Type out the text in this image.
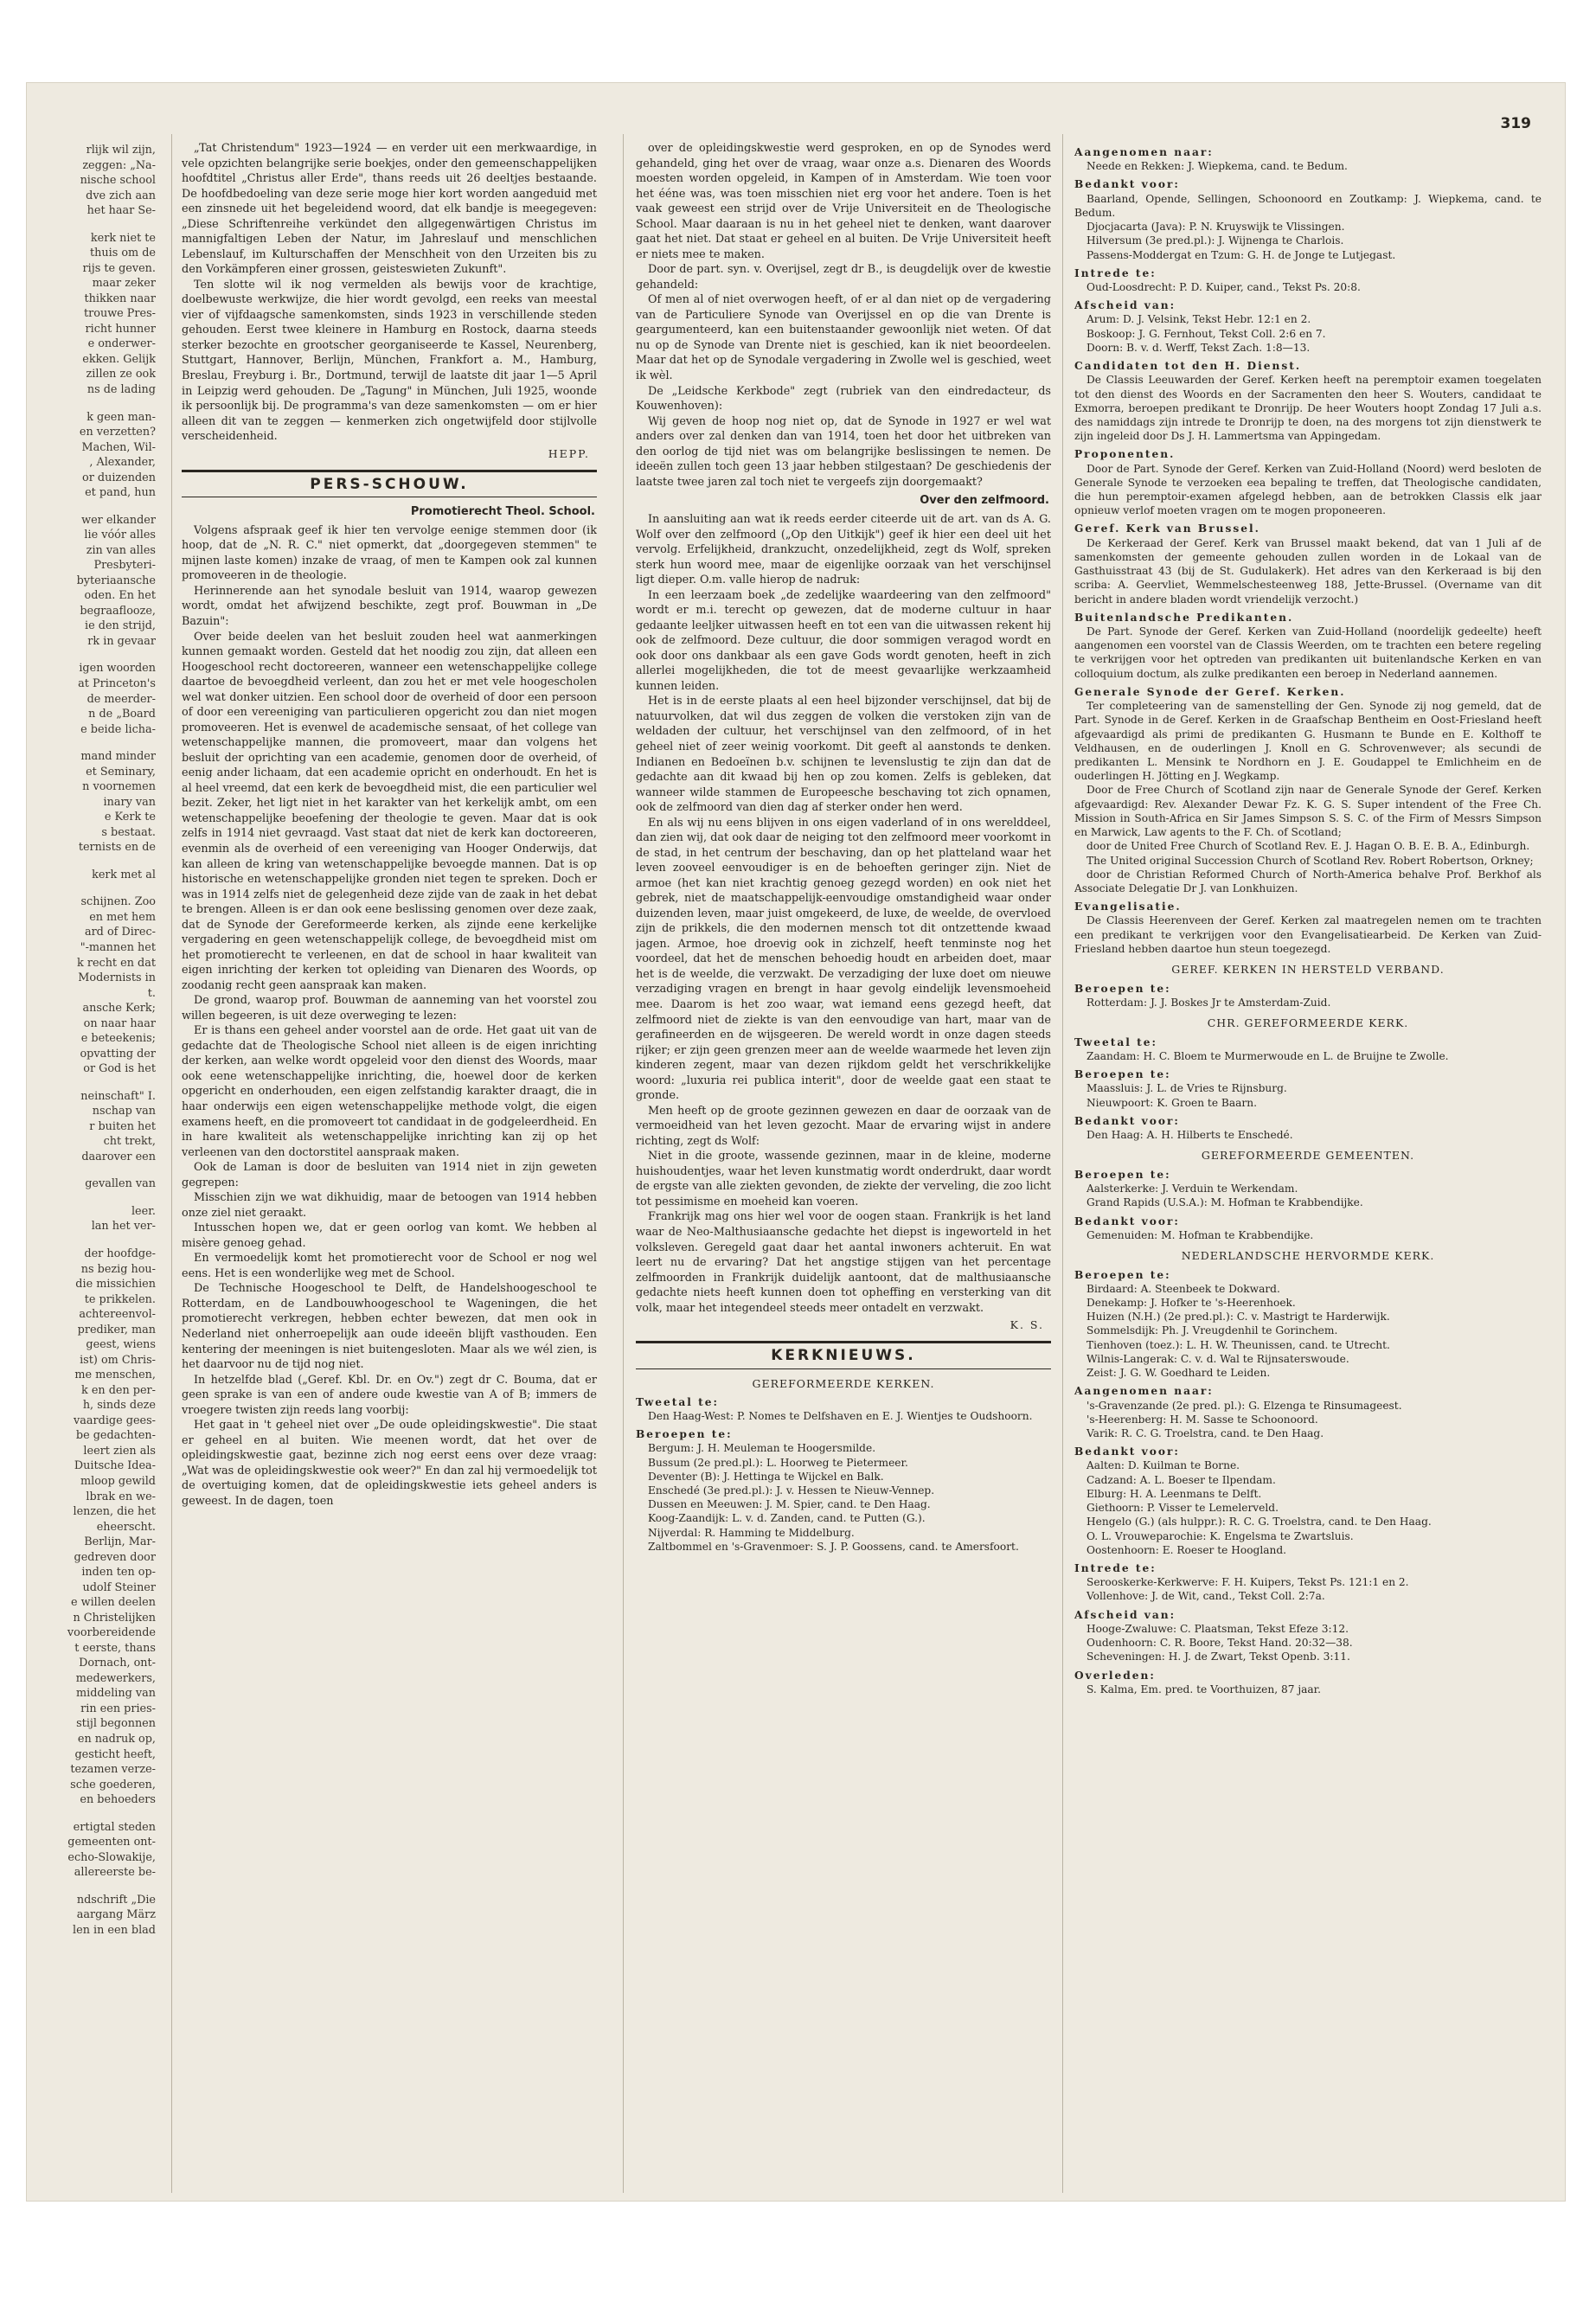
319
rlijk wil zijn,
zeggen: „Na-
nische school
dve zich aan
het haar Se-
kerk niet te
thuis om de
rijs te geven.
maar zeker
thikken naar
trouwe Pres-
richt hunner
e onderwer-
ekken. Gelijk
zillen ze ook
ns de lading
k geen man-
en verzetten?
Machen, Wil-
, Alexander,
or duizenden
et pand, hun
wer elkander
lie vóór alles
zin van alles
Presbyteri-
byteriaansche
oden. En het
begraaflooze,
ie den strijd,
rk in gevaar
igen woorden
at Princeton's
de meerder-
n de „Board
e beide licha-
mand minder
et Seminary,
n voornemen
inary van
e Kerk te
s bestaat.
ternists en de
kerk met al
schijnen. Zoo
en met hem
ard of Direc-
"-mannen het
k recht en dat
Modernists in
t.
ansche Kerk;
on naar haar
e beteekenis;
opvatting der
or God is het
neinschaft" I.
nschap van
r buiten het
cht trekt,
daarover een
gevallen van
leer.
lan het ver-
der hoofdge-
ns bezig hou-
die missichien
te prikkelen.
achtereenvol-
prediker, man
geest, wiens
ist) om Chris-
me menschen,
k en den per-
h, sinds deze
vaardige gees-
be gedachten-
leert zien als
Duitsche Idea-
mloop gewild
lbrak en we-
lenzen, die het
eheerscht.
Berlijn, Mar-
gedreven door
inden ten op-
udolf Steiner
e willen deelen
n Christelijken
voorbereidende
t eerste, thans
Dornach, ont-
medewerkers,
middeling van
rin een pries-
stijl begonnen
en nadruk op,
gesticht heeft,
tezamen verze-
sche goederen,
en behoeders
ertigtal steden
gemeenten ont-
echo-Slowakije,
allereerste be-
ndschrift „Die
aargang März
len in een blad

„Tat Christendum" 1923—1924 — en verder uit een merkwaardige, in vele opzichten belangrijke serie boekjes, onder den gemeenschappelijken hoofdtitel „Christus aller Erde", thans reeds uit 26 deeltjes bestaande. De hoofdbedoeling van deze serie moge hier kort worden aangeduid met een zinsnede uit het begeleidend woord, dat elk bandje is meegegeven: „Diese Schriftenreihe verkündet den allgegenwärtigen Christus im mannigfaltigen Leben der Natur, im Jahreslauf und menschlichen Lebenslauf, im Kulturschaffen der Menschheit von den Urzeiten bis zu den Vorkämpferen einer grossen, geisteswieten Zukunft".

Ten slotte wil ik nog vermelden als bewijs voor de krachtige, doelbewuste werkwijze, die hier wordt gevolgd, een reeks van meestal vier of vijfdaagsche samenkomsten, sinds 1923 in verschillende steden gehouden. Eerst twee kleinere in Hamburg en Rostock, daarna steeds sterker bezochte en grootscher georganiseerde te Kassel, Neurenberg, Stuttgart, Hannover, Berlijn, München, Frankfort a. M., Hamburg, Breslau, Freyburg i. Br., Dortmund, terwijl de laatste dit jaar 1—5 April in Leipzig werd gehouden. De „Tagung" in München, Juli 1925, woonde ik persoonlijk bij. De programma's van deze samenkomsten — om er hier alleen dit van te zeggen — kenmerken zich ongetwijfeld door stijlvolle verscheidenheid.

HEPP.
PERS-SCHOUW.
Promotierecht Theol. School.

Volgens afspraak geef ik hier ten vervolge eenige stemmen door (ik hoop, dat de „N. R. C." niet opmerkt, dat „doorgegeven stemmen" te mijnen laste komen) inzake de vraag, of men te Kampen ook zal kunnen promoveeren in de theologie.

Herinnerende aan het synodale besluit van 1914, waarop gewezen wordt, omdat het afwijzend beschikte, zegt prof. Bouwman in „De Bazuin":

Over beide deelen van het besluit zouden heel wat aanmerkingen kunnen gemaakt worden. Gesteld dat het noodig zou zijn, dat alleen een Hoogeschool recht doctoreeren, wanneer een wetenschappelijke college daartoe de bevoegdheid verleent, dan zou het er met vele hoogescholen wel wat donker uitzien. Een school door de overheid of door een persoon of door een vereeniging van particulieren opgericht zou dan niet mogen promoveeren. Het is evenwel de academische sensaat, of het college van wetenschappelijke mannen, die promoveert, maar dan volgens het besluit der oprichting van een academie, genomen door de overheid, of eenig ander lichaam, dat een academie opricht en onderhoudt. En het is al heel vreemd, dat een kerk de bevoegdheid mist, die een particulier wel bezit. Zeker, het ligt niet in het karakter van het kerkelijk ambt, om een wetenschappelijke beoefening der theologie te geven. Maar dat is ook zelfs in 1914 niet gevraagd. Vast staat dat niet de kerk kan doctoreeren, evenmin als de overheid of een vereeniging van Hooger Onderwijs, dat kan alleen de kring van wetenschappelijke bevoegde mannen. Dat is op historische en wetenschappelijke gronden niet tegen te spreken. Doch er was in 1914 zelfs niet de gelegenheid deze zijde van de zaak in het debat te brengen. Alleen is er dan ook eene beslissing genomen over deze zaak, dat de Synode der Gereformeerde kerken, als zijnde eene kerkelijke vergadering en geen wetenschappelijk college, de bevoegdheid mist om het promotierecht te verleenen, en dat de school in haar kwaliteit van eigen inrichting der kerken tot opleiding van Dienaren des Woords, op zoodanig recht geen aanspraak kan maken.

De grond, waarop prof. Bouwman de aanneming van het voorstel zou willen begeeren, is uit deze overweging te lezen:

Er is thans een geheel ander voorstel aan de orde. Het gaat uit van de gedachte dat de Theologische School niet alleen is de eigen inrichting der kerken, aan welke wordt opgeleid voor den dienst des Woords, maar ook eene wetenschappelijke inrichting, die, hoewel door de kerken opgericht en onderhouden, een eigen zelfstandig karakter draagt, die in haar onderwijs een eigen wetenschappelijke methode volgt, die eigen examens heeft, en die promoveert tot candidaat in de godgeleerdheid. En in hare kwaliteit als wetenschappelijke inrichting kan zij op het verleenen van den doctorstitel aanspraak maken.

Ook de Laman is door de besluiten van 1914 niet in zijn geweten gegrepen:

Misschien zijn we wat dikhuidig, maar de betoogen van 1914 hebben onze ziel niet geraakt.

Intusschen hopen we, dat er geen oorlog van komt. We hebben al misère genoeg gehad.

En vermoedelijk komt het promotierecht voor de School er nog wel eens. Het is een wonderlijke weg met de School.

De Technische Hoogeschool te Delft, de Handelshoogeschool te Rotterdam, en de Landbouwhoogeschool te Wageningen, die het promotierecht verkregen, hebben echter bewezen, dat men ook in Nederland niet onherroepelijk aan oude ideeën blijft vasthouden. Een kentering der meeningen is niet buitengesloten. Maar als we wél zien, is het daarvoor nu de tijd nog niet.

In hetzelfde blad („Geref. Kbl. Dr. en Ov.") zegt dr C. Bouma, dat er geen sprake is van een of andere oude kwestie van A of B; immers de vroegere twisten zijn reeds lang voorbij:

Het gaat in 't geheel niet over „De oude opleidingskwestie". Die staat er geheel en al buiten. Wie meenen wordt, dat het over de opleidingskwestie gaat, bezinne zich nog eerst eens over deze vraag: „Wat was de opleidingskwestie ook weer?" En dan zal hij vermoedelijk tot de overtuiging komen, dat de opleidingskwestie iets geheel anders is geweest. In de dagen, toen

over de opleidingskwestie werd gesproken, en op de Synodes werd gehandeld, ging het over de vraag, waar onze a.s. Dienaren des Woords moesten worden opgeleid, in Kampen of in Amsterdam. Wie toen voor het ééne was, was toen misschien niet erg voor het andere. Toen is het vaak geweest een strijd over de Vrije Universiteit en de Theologische School. Maar daaraan is nu in het geheel niet te denken, want daarover gaat het niet. Dat staat er geheel en al buiten. De Vrije Universiteit heeft er niets mee te maken.

Door de part. syn. v. Overijsel, zegt dr B., is deugdelijk over de kwestie gehandeld:

Of men al of niet overwogen heeft, of er al dan niet op de vergadering van de Particuliere Synode van Overijssel en op die van Drente is geargumenteerd, kan een buitenstaander gewoonlijk niet weten. Of dat nu op de Synode van Drente niet is geschied, kan ik niet beoordeelen. Maar dat het op de Synodale vergadering in Zwolle wel is geschied, weet ik wèl.

De „Leidsche Kerkbode" zegt (rubriek van den eindredacteur, ds Kouwenhoven):

Wij geven de hoop nog niet op, dat de Synode in 1927 er wel wat anders over zal denken dan van 1914, toen het door het uitbreken van den oorlog de tijd niet was om belangrijke beslissingen te nemen. De ideeën zullen toch geen 13 jaar hebben stilgestaan? De geschiedenis der laatste twee jaren zal toch niet te vergeefs zijn doorgemaakt?

Over den zelfmoord.

In aansluiting aan wat ik reeds eerder citeerde uit de art. van ds A. G. Wolf over den zelfmoord („Op den Uitkijk") geef ik hier een deel uit het vervolg. Erfelijkheid, drankzucht, onzedelijkheid, zegt ds Wolf, spreken sterk hun woord mee, maar de eigenlijke oorzaak van het verschijnsel ligt dieper. O.m. valle hierop de nadruk:

In een leerzaam boek „de zedelijke waardeering van den zelfmoord" wordt er m.i. terecht op gewezen, dat de moderne cultuur in haar gedaante leeljker uitwassen heeft en tot een van die uitwassen rekent hij ook de zelfmoord. Deze cultuur, die door sommigen veragod wordt en ook door ons dankbaar als een gave Gods wordt genoten, heeft in zich allerlei mogelijkheden, die tot de meest gevaarlijke werkzaamheid kunnen leiden.

Het is in de eerste plaats al een heel bijzonder verschijnsel, dat bij de natuurvolken, dat wil dus zeggen de volken die verstoken zijn van de weldaden der cultuur, het verschijnsel van den zelfmoord, of in het geheel niet of zeer weinig voorkomt. Dit geeft al aanstonds te denken. Indianen en Bedoeïnen b.v. schijnen te levenslustig te zijn dan dat de gedachte aan dit kwaad bij hen op zou komen. Zelfs is gebleken, dat wanneer wilde stammen de Europeesche beschaving tot zich opnamen, ook de zelfmoord van dien dag af sterker onder hen werd.

En als wij nu eens blijven in ons eigen vaderland of in ons werelddeel, dan zien wij, dat ook daar de neiging tot den zelfmoord meer voorkomt in de stad, in het centrum der beschaving, dan op het platteland waar het leven zooveel eenvoudiger is en de behoeften geringer zijn. Niet de armoe (het kan niet krachtig genoeg gezegd worden) en ook niet het gebrek, niet de maatschappelijk-eenvoudige omstandigheid waar onder duizenden leven, maar juist omgekeerd, de luxe, de weelde, de overvloed zijn de prikkels, die den modernen mensch tot dit ontzettende kwaad jagen. Armoe, hoe droevig ook in zichzelf, heeft tenminste nog het voordeel, dat het de menschen behoedig houdt en arbeiden doet, maar het is de weelde, die verzwakt. De verzadiging der luxe doet om nieuwe verzadiging vragen en brengt in haar gevolg eindelijk levensmoeheid mee. Daarom is het zoo waar, wat iemand eens gezegd heeft, dat zelfmoord niet de ziekte is van den eenvoudige van hart, maar van de gerafineerden en de wijsgeeren. De wereld wordt in onze dagen steeds rijker; er zijn geen grenzen meer aan de weelde waarmede het leven zijn kinderen zegent, maar van dezen rijkdom geldt het verschrikkelijke woord: „luxuria rei publica interit", door de weelde gaat een staat te gronde.

Men heeft op de groote gezinnen gewezen en daar de oorzaak van de vermoeidheid van het leven gezocht. Maar de ervaring wijst in andere richting, zegt ds Wolf:

Niet in die groote, wassende gezinnen, maar in de kleine, moderne huishoudentjes, waar het leven kunstmatig wordt onderdrukt, daar wordt de ergste van alle ziekten gevonden, de ziekte der verveling, die zoo licht tot pessimisme en moeheid kan voeren.

Frankrijk mag ons hier wel voor de oogen staan. Frankrijk is het land waar de Neo-Malthusiaansche gedachte het diepst is ingeworteld in het volksleven. Geregeld gaat daar het aantal inwoners achteruit. En wat leert nu de ervaring? Dat het angstige stijgen van het percentage zelfmoorden in Frankrijk duidelijk aantoont, dat de malthusiaansche gedachte niets heeft kunnen doen tot opheffing en versterking van dit volk, maar het integendeel steeds meer ontadelt en verzwakt.

K. S.
KERKNIEUWS.
GEREFORMEERDE KERKEN.
Tweetal te:

Den Haag-West: P. Nomes te Delfshaven en E. J. Wientjes te Oudshoorn.

Beroepen te:

Bergum: J. H. Meuleman te Hoogersmilde.

Bussum (2e pred.pl.): L. Hoorweg te Pietermeer.

Deventer (B): J. Hettinga te Wijckel en Balk.

Enschedé (3e pred.pl.): J. v. Hessen te Nieuw-Vennep.

Dussen en Meeuwen: J. M. Spier, cand. te Den Haag.

Koog-Zaandijk: L. v. d. Zanden, cand. te Putten (G.).

Nijverdal: R. Hamming te Middelburg.

Zaltbommel en 's-Gravenmoer: S. J. P. Goossens, cand. te Amersfoort.

Aangenomen naar:

Neede en Rekken: J. Wiepkema, cand. te Bedum.

Bedankt voor:

Baarland, Opende, Sellingen, Schoonoord en Zoutkamp: J. Wiepkema, cand. te Bedum.

Djocjacarta (Java): P. N. Kruyswijk te Vlissingen.

Hilversum (3e pred.pl.): J. Wijnenga te Charlois.

Passens-Moddergat en Tzum: G. H. de Jonge te Lutjegast.

Intrede te:

Oud-Loosdrecht: P. D. Kuiper, cand., Tekst Ps. 20:8.

Afscheid van:

Arum: D. J. Velsink, Tekst Hebr. 12:1 en 2.

Boskoop: J. G. Fernhout, Tekst Coll. 2:6 en 7.

Doorn: B. v. d. Werff, Tekst Zach. 1:8—13.

Candidaten tot den H. Dienst.

De Classis Leeuwarden der Geref. Kerken heeft na peremptoir examen toegelaten tot den dienst des Woords en der Sacramenten den heer S. Wouters, candidaat te Exmorra, beroepen predikant te Dronrijp. De heer Wouters hoopt Zondag 17 Juli a.s. des namiddags zijn intrede te Dronrijp te doen, na des morgens tot zijn dienstwerk te zijn ingeleid door Ds J. H. Lammertsma van Appingedam.

Proponenten.

Door de Part. Synode der Geref. Kerken van Zuid-Holland (Noord) werd besloten de Generale Synode te verzoeken eea bepaling te treffen, dat Theologische candidaten, die hun peremptoir-examen afgelegd hebben, aan de betrokken Classis elk jaar opnieuw verlof moeten vragen om te mogen proponeeren.

Geref. Kerk van Brussel.

De Kerkeraad der Geref. Kerk van Brussel maakt bekend, dat van 1 Juli af de samenkomsten der gemeente gehouden zullen worden in de Lokaal van de Gasthuisstraat 43 (bij de St. Gudulakerk). Het adres van den Kerkeraad is bij den scriba: A. Geervliet, Wemmelschesteenweg 188, Jette-Brussel. (Overname van dit bericht in andere bladen wordt vriendelijk verzocht.)

Buitenlandsche Predikanten.

De Part. Synode der Geref. Kerken van Zuid-Holland (noordelijk gedeelte) heeft aangenomen een voorstel van de Classis Weerden, om te trachten een betere regeling te verkrijgen voor het optreden van predikanten uit buitenlandsche Kerken en van colloquium doctum, als zulke predikanten een beroep in Nederland aannemen.

Generale Synode der Geref. Kerken.

Ter completeering van de samenstelling der Gen. Synode zij nog gemeld, dat de Part. Synode in de Geref. Kerken in de Graafschap Bentheim en Oost-Friesland heeft afgevaardigd als primi de predikanten G. Husmann te Bunde en E. Kolthoff te Veldhausen, en de ouderlingen J. Knoll en G. Schrovenwever; als secundi de predikanten L. Mensink te Nordhorn en J. E. Goudappel te Emlichheim en de ouderlingen H. Jötting en J. Wegkamp.

Door de Free Church of Scotland zijn naar de Generale Synode der Geref. Kerken afgevaardigd: Rev. Alexander Dewar Fz. K. G. S. Super intendent of the Free Ch. Mission in South-Africa en Sir James Simpson S. S. C. of the Firm of Messrs Simpson en Marwick, Law agents to the F. Ch. of Scotland;

door de United Free Church of Scotland Rev. E. J. Hagan O. B. E. B. A., Edinburgh.

The United original Succession Church of Scotland Rev. Robert Robertson, Orkney;

door de Christian Reformed Church of North-America behalve Prof. Berkhof als Associate Delegatie Dr J. van Lonkhuizen.

Evangelisatie.

De Classis Heerenveen der Geref. Kerken zal maatregelen nemen om te trachten een predikant te verkrijgen voor den Evangelisatiearbeid. De Kerken van Zuid-Friesland hebben daartoe hun steun toegezegd.

GEREF. KERKEN IN HERSTELD VERBAND.
Beroepen te:

Rotterdam: J. J. Boskes Jr te Amsterdam-Zuid.

CHR. GEREFORMEERDE KERK.
Tweetal te:

Zaandam: H. C. Bloem te Murmerwoude en L. de Bruijne te Zwolle.

Beroepen te:

Maassluis: J. L. de Vries te Rijnsburg.

Nieuwpoort: K. Groen te Baarn.

Bedankt voor:

Den Haag: A. H. Hilberts te Enschedé.

GEREFORMEERDE GEMEENTEN.
Beroepen te:

Aalsterkerke: J. Verduin te Werkendam.

Grand Rapids (U.S.A.): M. Hofman te Krabbendijke.

Bedankt voor:

Gemenuiden: M. Hofman te Krabbendijke.

NEDERLANDSCHE HERVORMDE KERK.
Beroepen te:

Birdaard: A. Steenbeek te Dokward.

Denekamp: J. Hofker te 's-Heerenhoek.

Huizen (N.H.) (2e pred.pl.): C. v. Mastrigt te Harderwijk.

Sommelsdijk: Ph. J. Vreugdenhil te Gorinchem.

Tienhoven (toez.): L. H. W. Theunissen, cand. te Utrecht.

Wilnis-Langerak: C. v. d. Wal te Rijnsaterswoude.

Zeist: J. G. W. Goedhard te Leiden.

Aangenomen naar:

's-Gravenzande (2e pred. pl.): G. Elzenga te Rinsumageest.

's-Heerenberg: H. M. Sasse te Schoonoord.

Varik: R. C. G. Troelstra, cand. te Den Haag.

Bedankt voor:

Aalten: D. Kuilman te Borne.

Cadzand: A. L. Boeser te Ilpendam.

Elburg: H. A. Leenmans te Delft.

Giethoorn: P. Visser te Lemelerveld.

Hengelo (G.) (als hulppr.): R. C. G. Troelstra, cand. te Den Haag.

O. L. Vrouweparochie: K. Engelsma te Zwartsluis.

Oostenhoorn: E. Roeser te Hoogland.

Intrede te:

Serooskerke-Kerkwerve: F. H. Kuipers, Tekst Ps. 121:1 en 2.

Vollenhove: J. de Wit, cand., Tekst Coll. 2:7a.

Afscheid van:

Hooge-Zwaluwe: C. Plaatsman, Tekst Efeze 3:12.

Oudenhoorn: C. R. Boore, Tekst Hand. 20:32—38.

Scheveningen: H. J. de Zwart, Tekst Openb. 3:11.

Overleden:

S. Kalma, Em. pred. te Voorthuizen, 87 jaar.
